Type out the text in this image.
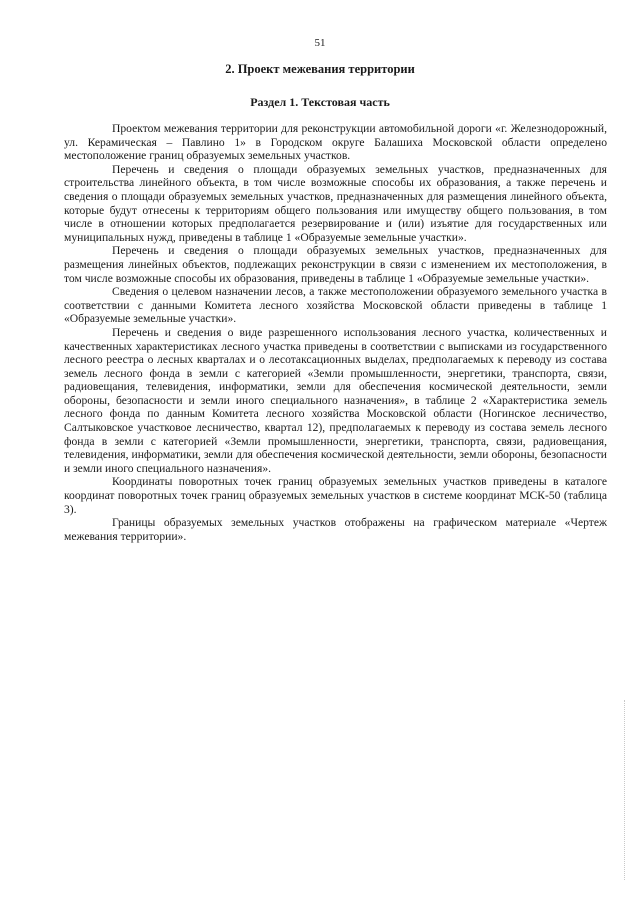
51
2. Проект межевания территории
Раздел 1. Текстовая часть

Проектом межевания территории для реконструкции автомобильной дороги «г. Железнодорожный, ул. Керамическая – Павлино 1» в Городском округе Балашиха Московской области определено местоположение границ образуемых земельных участков.

Перечень и сведения о площади образуемых земельных участков, предназначенных для строительства линейного объекта, в том числе возможные способы их образования, а также перечень и сведения о площади образуемых земельных участков, предназначенных для размещения линейного объекта, которые будут отнесены к территориям общего пользования или имуществу общего пользования, в том числе в отношении которых предполагается резервирование и (или) изъятие для государственных или муниципальных нужд, приведены в таблице 1 «Образуемые земельные участки».

Перечень и сведения о площади образуемых земельных участков, предназначенных для размещения линейных объектов, подлежащих реконструкции в связи с изменением их местоположения, в том числе возможные способы их образования, приведены в таблице 1 «Образуемые земельные участки».

Сведения о целевом назначении лесов, а также местоположении образуемого земельного участка в соответствии с данными Комитета лесного хозяйства Московской области приведены в таблице 1 «Образуемые земельные участки».

Перечень и сведения о виде разрешенного использования лесного участка, количественных и качественных характеристиках лесного участка приведены в соответствии с выписками из государственного лесного реестра о лесных кварталах и о лесотаксационных выделах, предполагаемых к переводу из состава земель лесного фонда в земли с категорией «Земли промышленности, энергетики, транспорта, связи, радиовещания, телевидения, информатики, земли для обеспечения космической деятельности, земли обороны, безопасности и земли иного специального назначения», в таблице 2 «Характеристика земель лесного фонда по данным Комитета лесного хозяйства Московской области (Ногинское лесничество, Салтыковское участковое лесничество, квартал 12), предполагаемых к переводу из состава земель лесного фонда в земли с категорией «Земли промышленности, энергетики, транспорта, связи, радиовещания, телевидения, информатики, земли для обеспечения космической деятельности, земли обороны, безопасности и земли иного специального назначения».

Координаты поворотных точек границ образуемых земельных участков приведены в каталоге координат поворотных точек границ образуемых земельных участков в системе координат МСК-50 (таблица 3).

Границы образуемых земельных участков отображены на графическом материале «Чертеж межевания территории».
